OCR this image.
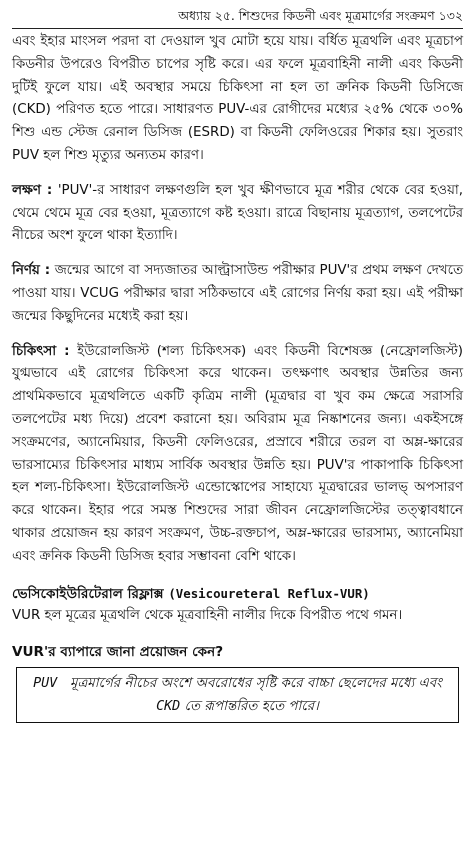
অধ্যায় ২৫. শিশুদের কিডনী এবং মূত্রমার্গের সংক্রমণ ১৩২

এবং ইহার মাংসল পরদা বা দেওয়াল খুব মোটা হয়ে যায়। বর্ধিত মূত্রথলি এবং মূত্রচাপ কিডনীর উপরেও বিপরীত চাপের সৃষ্টি করে। এর ফলে মূত্রবাহিনী নালী এবং কিডনী দুটিই ফুলে যায়। এই অবস্থার সময়ে চিকিৎসা না হল তা ক্রনিক কিডনী ডিসিজে (CKD) পরিণত হতে পারে। সাধারণত PUV-এর রোগীদের মধ্যের ২৫% থেকে ৩০% শিশু এন্ড স্টেজ রেনাল ডিসিজ (ESRD) বা কিডনী ফেলিওরের শিকার হয়। সুতরাং PUV হল শিশু মৃত্যুর অন্যতম কারণ।

লক্ষণ : 'PUV'-র সাধারণ লক্ষণগুলি হল খুব ক্ষীণভাবে মূত্র শরীর থেকে বের হওয়া, থেমে থেমে মূত্র বের হওয়া, মূত্রত্যাগে কষ্ট হওয়া। রাত্রে বিছানায় মূত্রত্যাগ, তলপেটের নীচের অংশ ফুলে থাকা ইত্যাদি।

নির্ণয় : জন্মের আগে বা সদ্যজাতর আল্ট্রাসাউন্ড পরীক্ষার PUV'র প্রথম লক্ষণ দেখতে পাওয়া যায়। VCUG পরীক্ষার দ্বারা সঠিকভাবে এই রোগের নির্ণয় করা হয়। এই পরীক্ষা জন্মের কিছুদিনের মধ্যেই করা হয়।

চিকিৎসা : ইউরোলজিস্ট (শল্য চিকিৎসক) এবং কিডনী বিশেষজ্ঞ (নেফ্রোলজিস্ট) যুগ্মভাবে এই রোগের চিকিৎসা করে থাকেন। তৎক্ষণাৎ অবস্থার উন্নতির জন্য প্রাথমিকভাবে মূত্রথলিতে একটি কৃত্রিম নালী (মূত্রদ্বার বা খুব কম ক্ষেত্রে সরাসরি তলপেটের মধ্য দিয়ে) প্রবেশ করানো হয়। অবিরাম মূত্র নিষ্কাশনের জন্য। একইসঙ্গে সংক্রমণের, অ্যানেমিয়ার, কিডনী ফেলিওরের, প্রস্রাবে শরীরে তরল বা অম্ল-ক্ষারের ভারসাম্যের চিকিৎসার মাধ্যম সার্বিক অবস্থার উন্নতি হয়। PUV'র পাকাপাকি চিকিৎসা হল শল্য-চিকিৎসা। ইউরোলজিস্ট এন্ডোস্কোপের সাহায্যে মূত্রদ্বারের ভালভ্ অপসারণ করে থাকেন। ইহার পরে সমস্ত শিশুদের সারা জীবন নেফ্রোলজিস্টের তত্ত্বাবধানে থাকার প্রয়োজন হয় কারণ সংক্রমণ, উচ্চ-রক্তচাপ, অম্ল-ক্ষারের ভারসাম্য, অ্যানেমিয়া এবং ক্রনিক কিডনী ডিসিজ হবার সম্ভাবনা বেশি থাকে।

ভেসিকোইউরিটেরাল রিফ্লাক্স (Vesicoureteral Reflux-VUR)

VUR হল মূত্রের মূত্রথলি থেকে মূত্রবাহিনী নালীর দিকে বিপরীত পথে গমন।

VUR'র ব্যাপারে জানা প্রয়োজন কেন?
PUV মূত্রমার্গের নীচের অংশে অবরোধের সৃষ্টি করে বাচ্চা ছেলেদের মধ্যে এবং CKD তে রূপান্তরিত হতে পারে।
